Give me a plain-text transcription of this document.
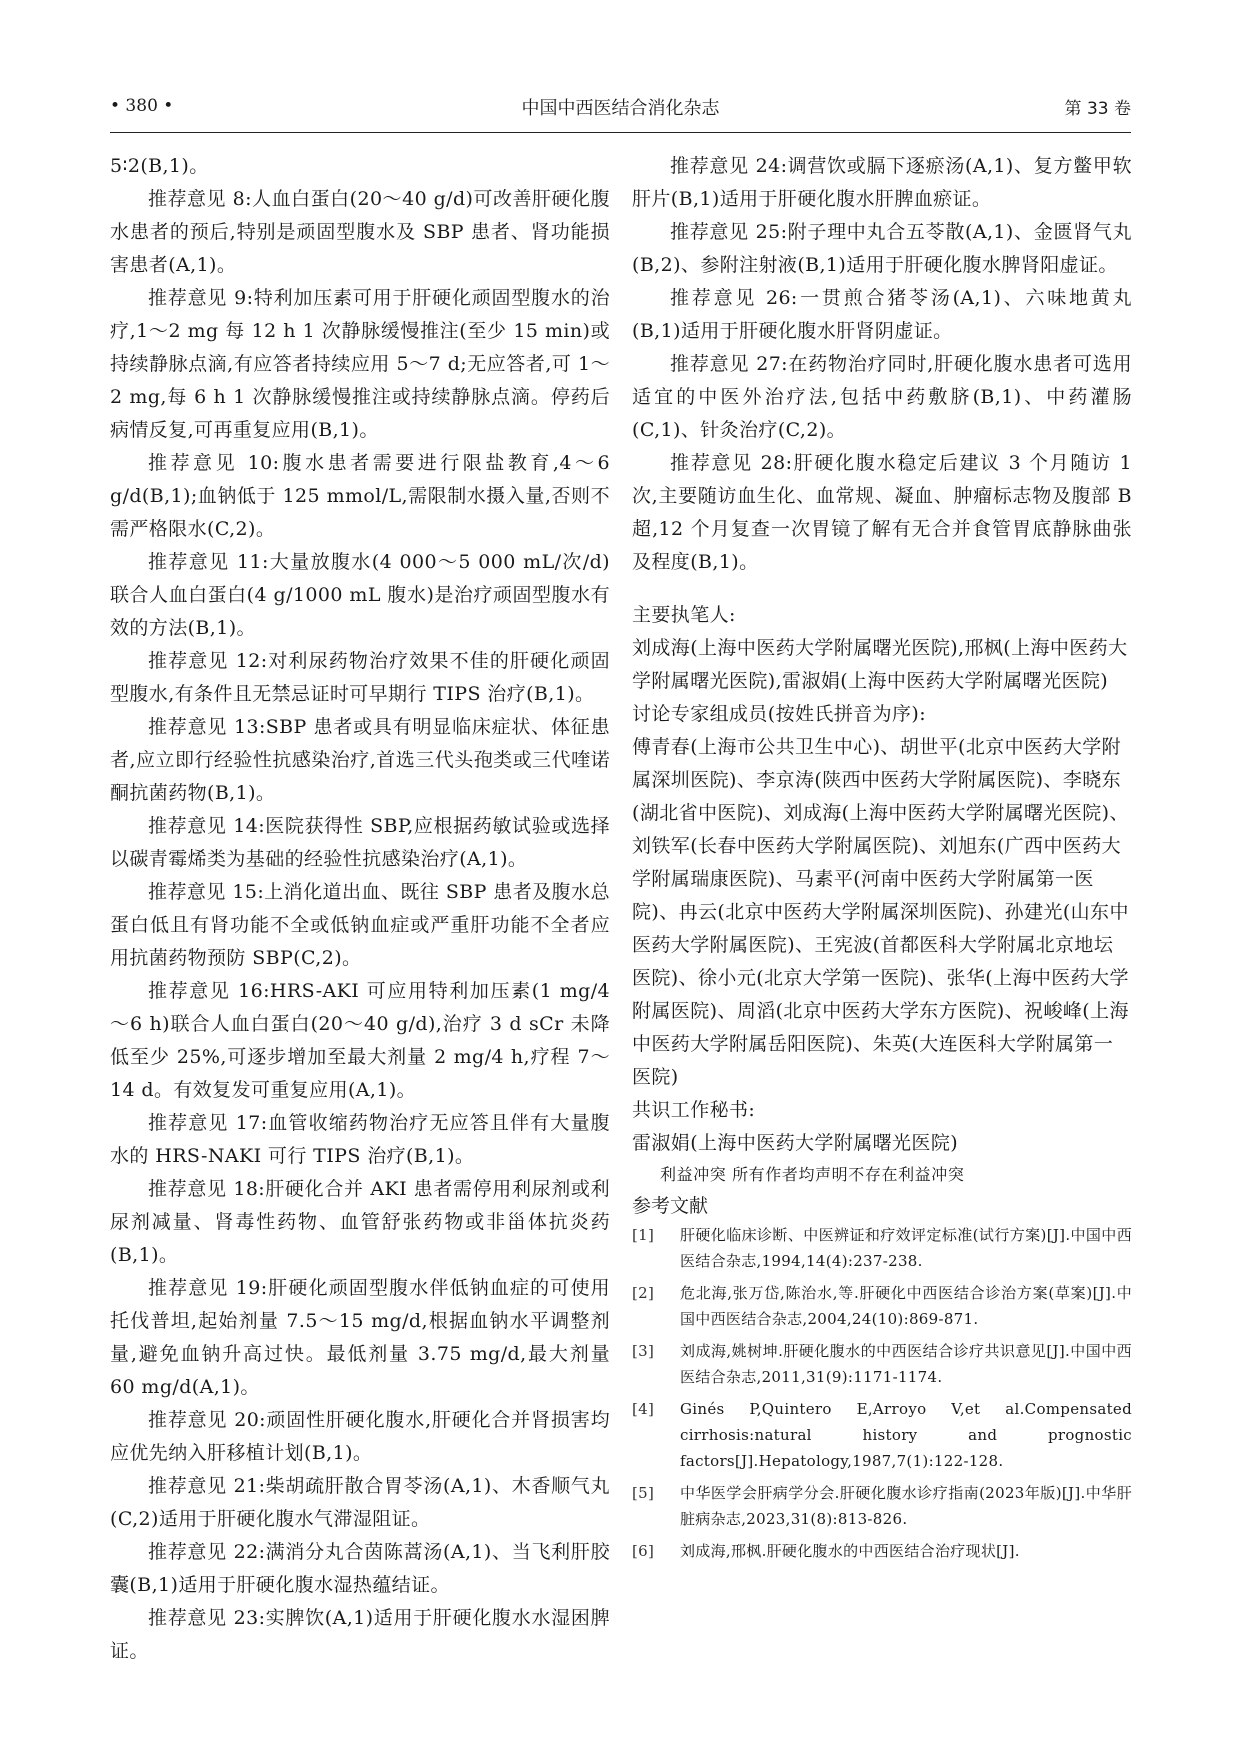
• 380 •	中国中西医结合消化杂志	第 33 卷

5∶2(B,1)。

推荐意见 8:人血白蛋白(20～40 g/d)可改善肝硬化腹水患者的预后,特别是顽固型腹水及 SBP 患者、肾功能损害患者(A,1)。

推荐意见 9:特利加压素可用于肝硬化顽固型腹水的治疗,1～2 mg 每 12 h 1 次静脉缓慢推注(至少 15 min)或持续静脉点滴,有应答者持续应用 5～7 d;无应答者,可 1～2 mg,每 6 h 1 次静脉缓慢推注或持续静脉点滴。停药后病情反复,可再重复应用(B,1)。

推荐意见 10:腹水患者需要进行限盐教育,4～6 g/d(B,1);血钠低于 125 mmol/L,需限制水摄入量,否则不需严格限水(C,2)。

推荐意见 11:大量放腹水(4 000～5 000 mL/次/d)联合人血白蛋白(4 g/1000 mL 腹水)是治疗顽固型腹水有效的方法(B,1)。

推荐意见 12:对利尿药物治疗效果不佳的肝硬化顽固型腹水,有条件且无禁忌证时可早期行 TIPS 治疗(B,1)。

推荐意见 13:SBP 患者或具有明显临床症状、体征患者,应立即行经验性抗感染治疗,首选三代头孢类或三代喹诺酮抗菌药物(B,1)。

推荐意见 14:医院获得性 SBP,应根据药敏试验或选择以碳青霉烯类为基础的经验性抗感染治疗(A,1)。

推荐意见 15:上消化道出血、既往 SBP 患者及腹水总蛋白低且有肾功能不全或低钠血症或严重肝功能不全者应用抗菌药物预防 SBP(C,2)。

推荐意见 16:HRS-AKI 可应用特利加压素(1 mg/4～6 h)联合人血白蛋白(20～40 g/d),治疗 3 d sCr 未降低至少 25%,可逐步增加至最大剂量 2 mg/4 h,疗程 7～14 d。有效复发可重复应用(A,1)。

推荐意见 17:血管收缩药物治疗无应答且伴有大量腹水的 HRS-NAKI 可行 TIPS 治疗(B,1)。

推荐意见 18:肝硬化合并 AKI 患者需停用利尿剂或利尿剂减量、肾毒性药物、血管舒张药物或非甾体抗炎药(B,1)。

推荐意见 19:肝硬化顽固型腹水伴低钠血症的可使用托伐普坦,起始剂量 7.5～15 mg/d,根据血钠水平调整剂量,避免血钠升高过快。最低剂量 3.75 mg/d,最大剂量 60 mg/d(A,1)。

推荐意见 20:顽固性肝硬化腹水,肝硬化合并肾损害均应优先纳入肝移植计划(B,1)。

推荐意见 21:柴胡疏肝散合胃苓汤(A,1)、木香顺气丸(C,2)适用于肝硬化腹水气滞湿阻证。

推荐意见 22:满消分丸合茵陈蒿汤(A,1)、当飞利肝胶囊(B,1)适用于肝硬化腹水湿热蕴结证。

推荐意见 23:实脾饮(A,1)适用于肝硬化腹水水湿困脾证。

推荐意见 24:调营饮或膈下逐瘀汤(A,1)、复方鳖甲软肝片(B,1)适用于肝硬化腹水肝脾血瘀证。

推荐意见 25:附子理中丸合五苓散(A,1)、金匮肾气丸(B,2)、参附注射液(B,1)适用于肝硬化腹水脾肾阳虚证。

推荐意见 26:一贯煎合猪苓汤(A,1)、六味地黄丸(B,1)适用于肝硬化腹水肝肾阴虚证。

推荐意见 27:在药物治疗同时,肝硬化腹水患者可选用适宜的中医外治疗法,包括中药敷脐(B,1)、中药灌肠(C,1)、针灸治疗(C,2)。

推荐意见 28:肝硬化腹水稳定后建议 3 个月随访 1 次,主要随访血生化、血常规、凝血、肿瘤标志物及腹部 B 超,12 个月复查一次胃镜了解有无合并食管胃底静脉曲张及程度(B,1)。

主要执笔人:

刘成海(上海中医药大学附属曙光医院),邢枫(上海中医药大学附属曙光医院),雷淑娟(上海中医药大学附属曙光医院)

讨论专家组成员(按姓氏拼音为序):

傅青春(上海市公共卫生中心)、胡世平(北京中医药大学附属深圳医院)、李京涛(陕西中医药大学附属医院)、李晓东(湖北省中医院)、刘成海(上海中医药大学附属曙光医院)、刘铁军(长春中医药大学附属医院)、刘旭东(广西中医药大学附属瑞康医院)、马素平(河南中医药大学附属第一医院)、冉云(北京中医药大学附属深圳医院)、孙建光(山东中医药大学附属医院)、王宪波(首都医科大学附属北京地坛医院)、徐小元(北京大学第一医院)、张华(上海中医药大学附属医院)、周滔(北京中医药大学东方医院)、祝峻峰(上海中医药大学附属岳阳医院)、朱英(大连医科大学附属第一医院)

共识工作秘书:

雷淑娟(上海中医药大学附属曙光医院)

利益冲突 所有作者均声明不存在利益冲突

参考文献

[1] 肝硬化临床诊断、中医辨证和疗效评定标准(试行方案)[J].中国中西医结合杂志,1994,14(4):237-238.

[2] 危北海,张万岱,陈治水,等.肝硬化中西医结合诊治方案(草案)[J].中国中西医结合杂志,2004,24(10):869-871.

[3] 刘成海,姚树坤.肝硬化腹水的中西医结合诊疗共识意见[J].中国中西医结合杂志,2011,31(9):1171-1174.

[4] Ginés P,Quintero E,Arroyo V,et al.Compensated cirrhosis:natural history and prognostic factors[J].Hepatology,1987,7(1):122-128.

[5] 中华医学会肝病学分会.肝硬化腹水诊疗指南(2023年版)[J].中华肝脏病杂志,2023,31(8):813-826.

[6] 刘成海,邢枫.肝硬化腹水的中西医结合治疗现状[J].
